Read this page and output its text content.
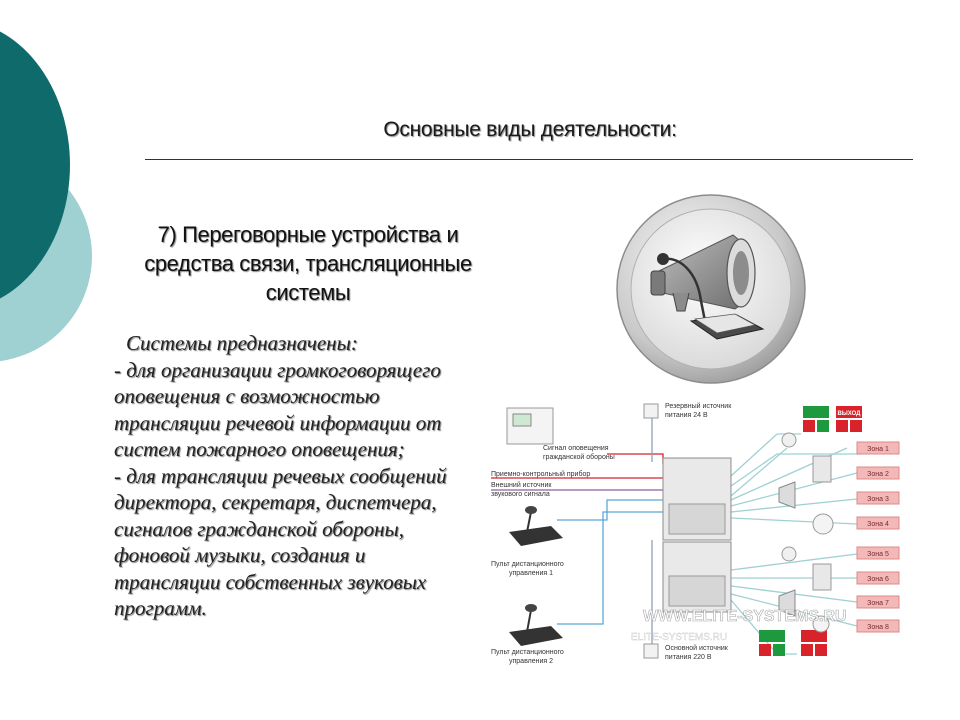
Основные виды деятельности:
7) Переговорные устройства и
средства связи, трансляционные
системы
Системы предназначены:
- для организации громкоговорящего
оповещения с возможностью
трансляции речевой информации от
систем пожарного оповещения;
- для трансляции речевых сообщений
директора, секретаря, диспетчера,
сигналов гражданской обороны,
фоновой музыки, создания и
трансляции собственных звуковых
программ.
Резервный источник
питания 24 В
Сигнал оповещения
гражданской обороны
Приемно-контрольный прибор
Внешний источник
звукового сигнала
Пульт дистанционного
управления 1
Пульт дистанционного
управления 2
Основной источник
питания 220 В
ВЫХОД
Зона 1
Зона 2
Зона 3
Зона 4
Зона 5
Зона 6
Зона 7
Зона 8
WWW.ELITE-SYSTEMS.RU
ELITE-SYSTEMS.RU
